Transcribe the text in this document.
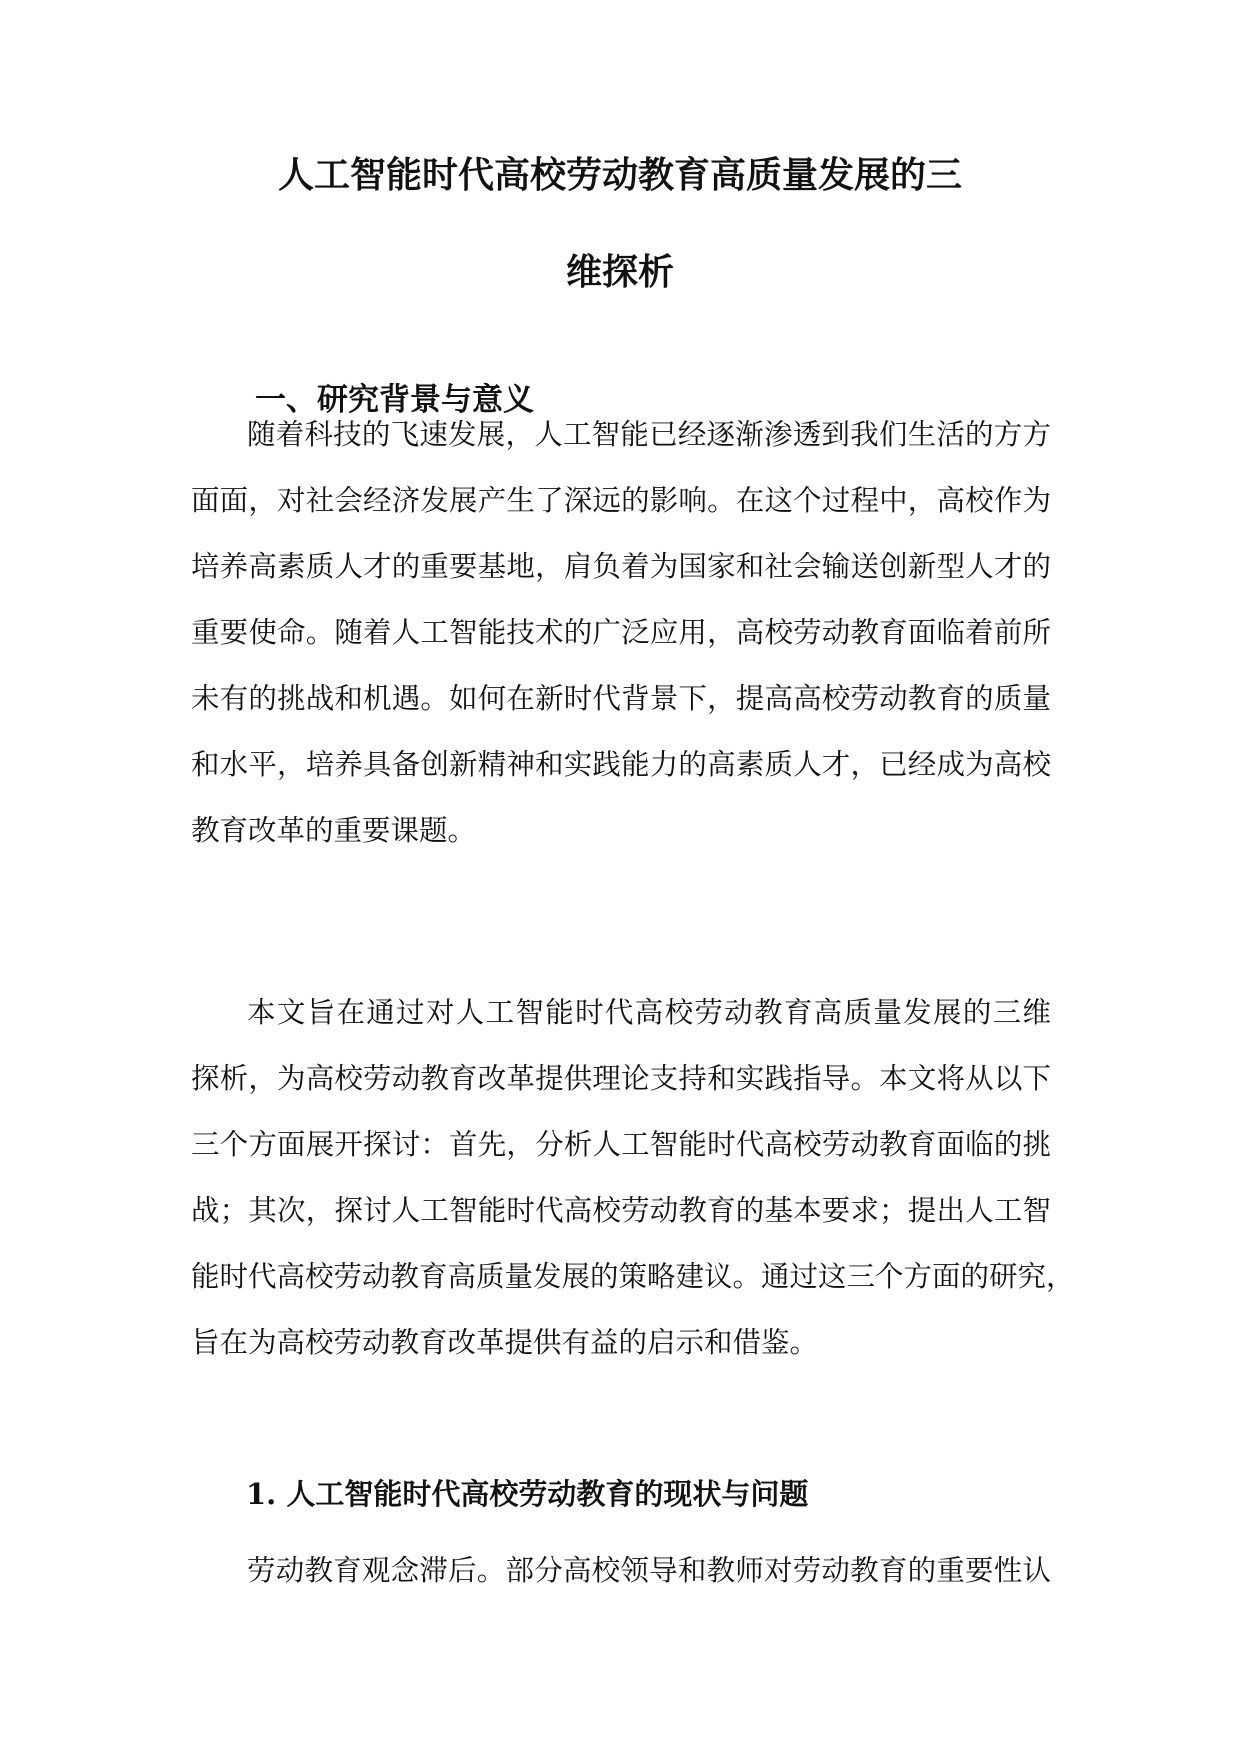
人工智能时代高校劳动教育高质量发展的三
维探析
一、研究背景与意义
随着科技的飞速发展，人工智能已经逐渐渗透到我们生活的方方
面面，对社会经济发展产生了深远的影响。在这个过程中，高校作为
培养高素质人才的重要基地，肩负着为国家和社会输送创新型人才的
重要使命。随着人工智能技术的广泛应用，高校劳动教育面临着前所
未有的挑战和机遇。如何在新时代背景下，提高高校劳动教育的质量
和水平，培养具备创新精神和实践能力的高素质人才，已经成为高校
教育改革的重要课题。
本文旨在通过对人工智能时代高校劳动教育高质量发展的三维
探析，为高校劳动教育改革提供理论支持和实践指导。本文将从以下
三个方面展开探讨：首先，分析人工智能时代高校劳动教育面临的挑
战；其次，探讨人工智能时代高校劳动教育的基本要求；提出人工智
能时代高校劳动教育高质量发展的策略建议。通过这三个方面的研究，
旨在为高校劳动教育改革提供有益的启示和借鉴。
1. 人工智能时代高校劳动教育的现状与问题
劳动教育观念滞后。部分高校领导和教师对劳动教育的重要性认
